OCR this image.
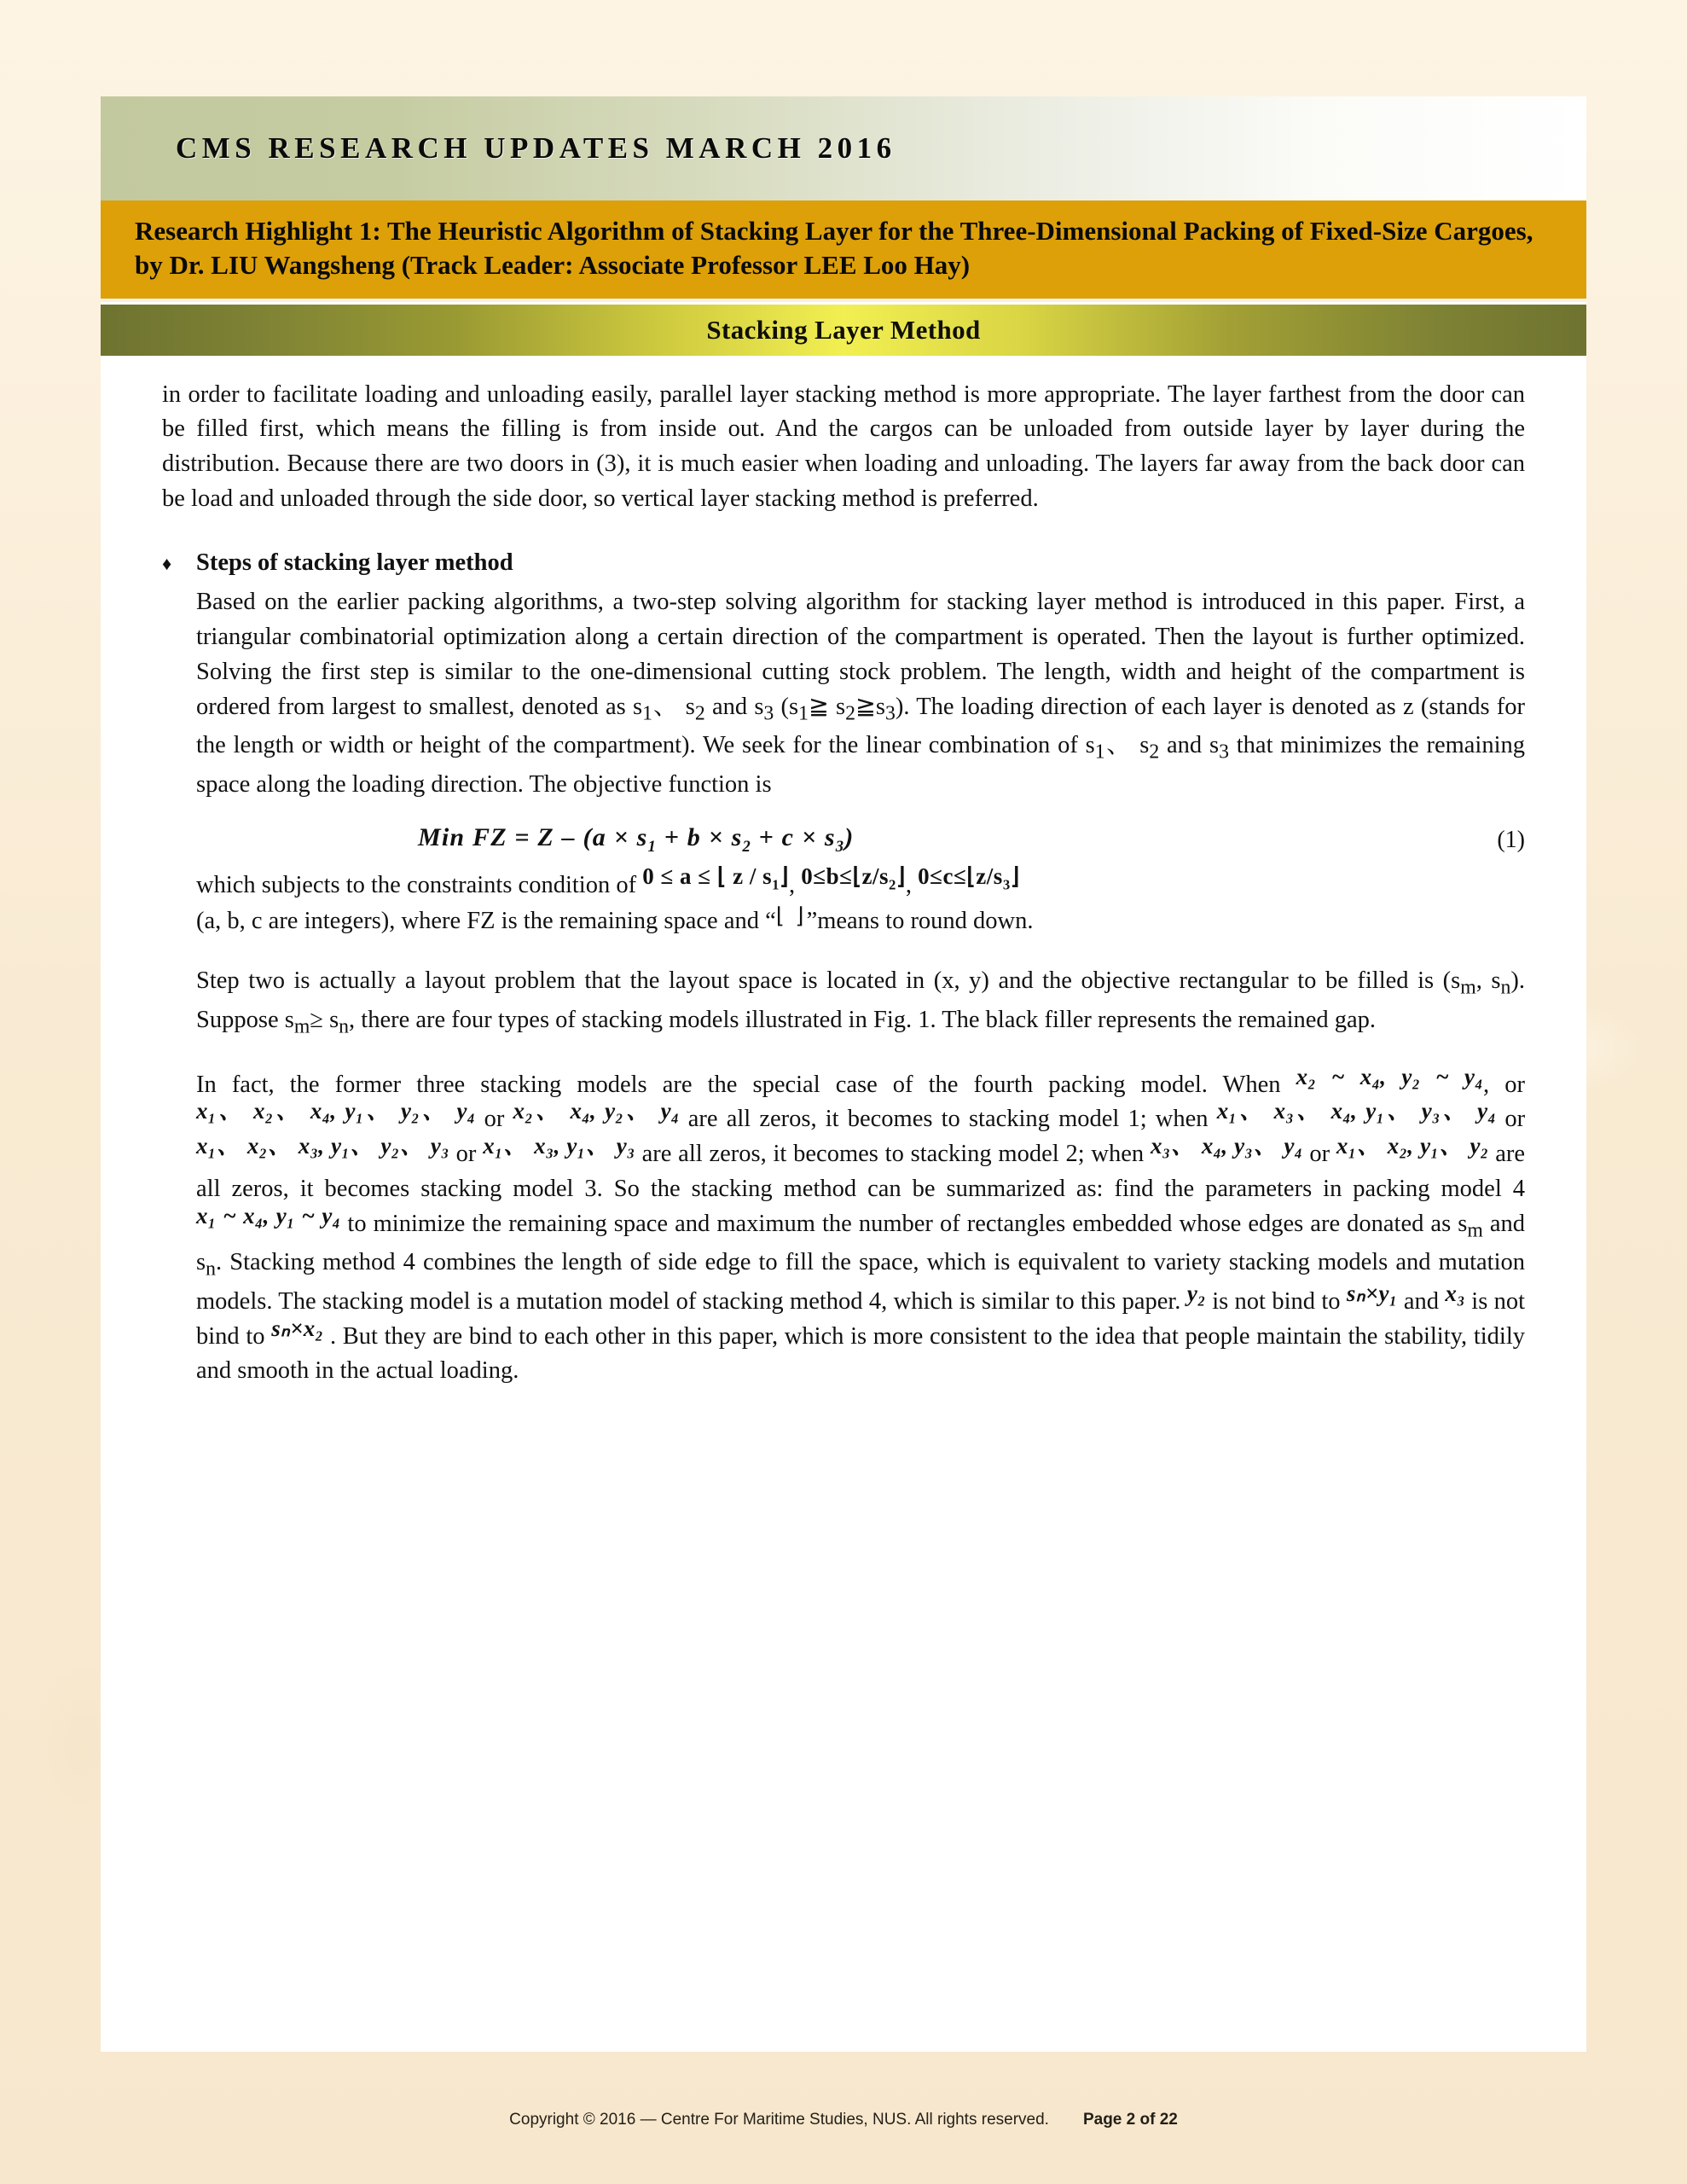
CMS RESEARCH UPDATES MARCH 2016
Research Highlight 1: The Heuristic Algorithm of Stacking Layer for the Three-Dimensional Packing of Fixed-Size Cargoes, by Dr. LIU Wangsheng (Track Leader: Associate Professor LEE Loo Hay)
Stacking Layer Method

in order to facilitate loading and unloading easily, parallel layer stacking method is more appropriate. The layer farthest from the door can be filled first, which means the filling is from inside out. And the cargos can be unloaded from outside layer by layer during the distribution. Because there are two doors in (3), it is much easier when loading and unloading. The layers far away from the back door can be load and unloaded through the side door, so vertical layer stacking method is preferred.

♦	Steps of stacking layer method

Based on the earlier packing algorithms, a two-step solving algorithm for stacking layer method is introduced in this paper. First, a triangular combinatorial optimization along a certain direction of the compartment is operated. Then the layout is further optimized. Solving the first step is similar to the one-dimensional cutting stock problem. The length, width and height of the compartment is ordered from largest to smallest, denoted as $s_1$、 $s_2$ and $s_3$ ($s_1≧$ $s_2≧s_3$). The loading direction of each layer is denoted as z (stands for the length or width or height of the compartment). We seek for the linear combination of $s_1$、 $s_2$ and $s_3$ that minimizes the remaining space along the loading direction. The objective function is

Min FZ = $Z - (a \times s_1 + b \times s_2 + c \times s_3)$	(1)

which subjects to the constraints condition of 0 ≤ a ≤ ⌊ z / $s_1⌋$, $0\le b\le⌊z/s_2⌋$, $0\le c\le⌊z/s_3⌋$

(a, b, c are integers), where FZ is the remaining space and “⌊ ⌋”means to round down.

Step two is actually a layout problem that the layout space is located in (x, y) and the objective rectangular to be filled is ($s_m$, $s_n$). Suppose $s_m\ge s_n$, there are four types of stacking models illustrated in Fig. 1. The black filler represents the remained gap.

In fact, the former three stacking models are the special case of the fourth packing model. When x₂ ~ x₄, y₂ ~ y₄, or x₁、 x₂、 x₄, y₁、 y₂、 y₄ or x₂、 x₄, y₂、 y₄ are all zeros, it becomes to stacking model 1; when x₁、 x₃、 x₄, y₁、 y₃、 y₄ or x₁、 x₂、 x₃, y₁、 y₂、 y₃ or x₁、 x₃, y₁、 y₃ are all zeros, it becomes to stacking model 2; when x₃、 x₄, y₃、 y₄ or x₁、 x₂, y₁、 y₂ are all zeros, it becomes stacking model 3. So the stacking method can be summarized as: find the parameters in packing model 4 x₁ ~ x₄, y₁ ~ y₄ to minimize the remaining space and maximum the number of rectangles embedded whose edges are donated as $s_m$ and $s_n$. Stacking method 4 combines the length of side edge to fill the space, which is equivalent to variety stacking models and mutation models. The stacking model is a mutation model of stacking method 4, which is similar to this paper. y₂ is not bind to sₙ×y₁ and x₃ is not bind to sₙ×x₂ . But they are bind to each other in this paper, which is more consistent to the idea that people maintain the stability, tidily and smooth in the actual loading.

Copyright © 2016 — Centre For Maritime Studies, NUS. All rights reserved. Page 2 of 22
